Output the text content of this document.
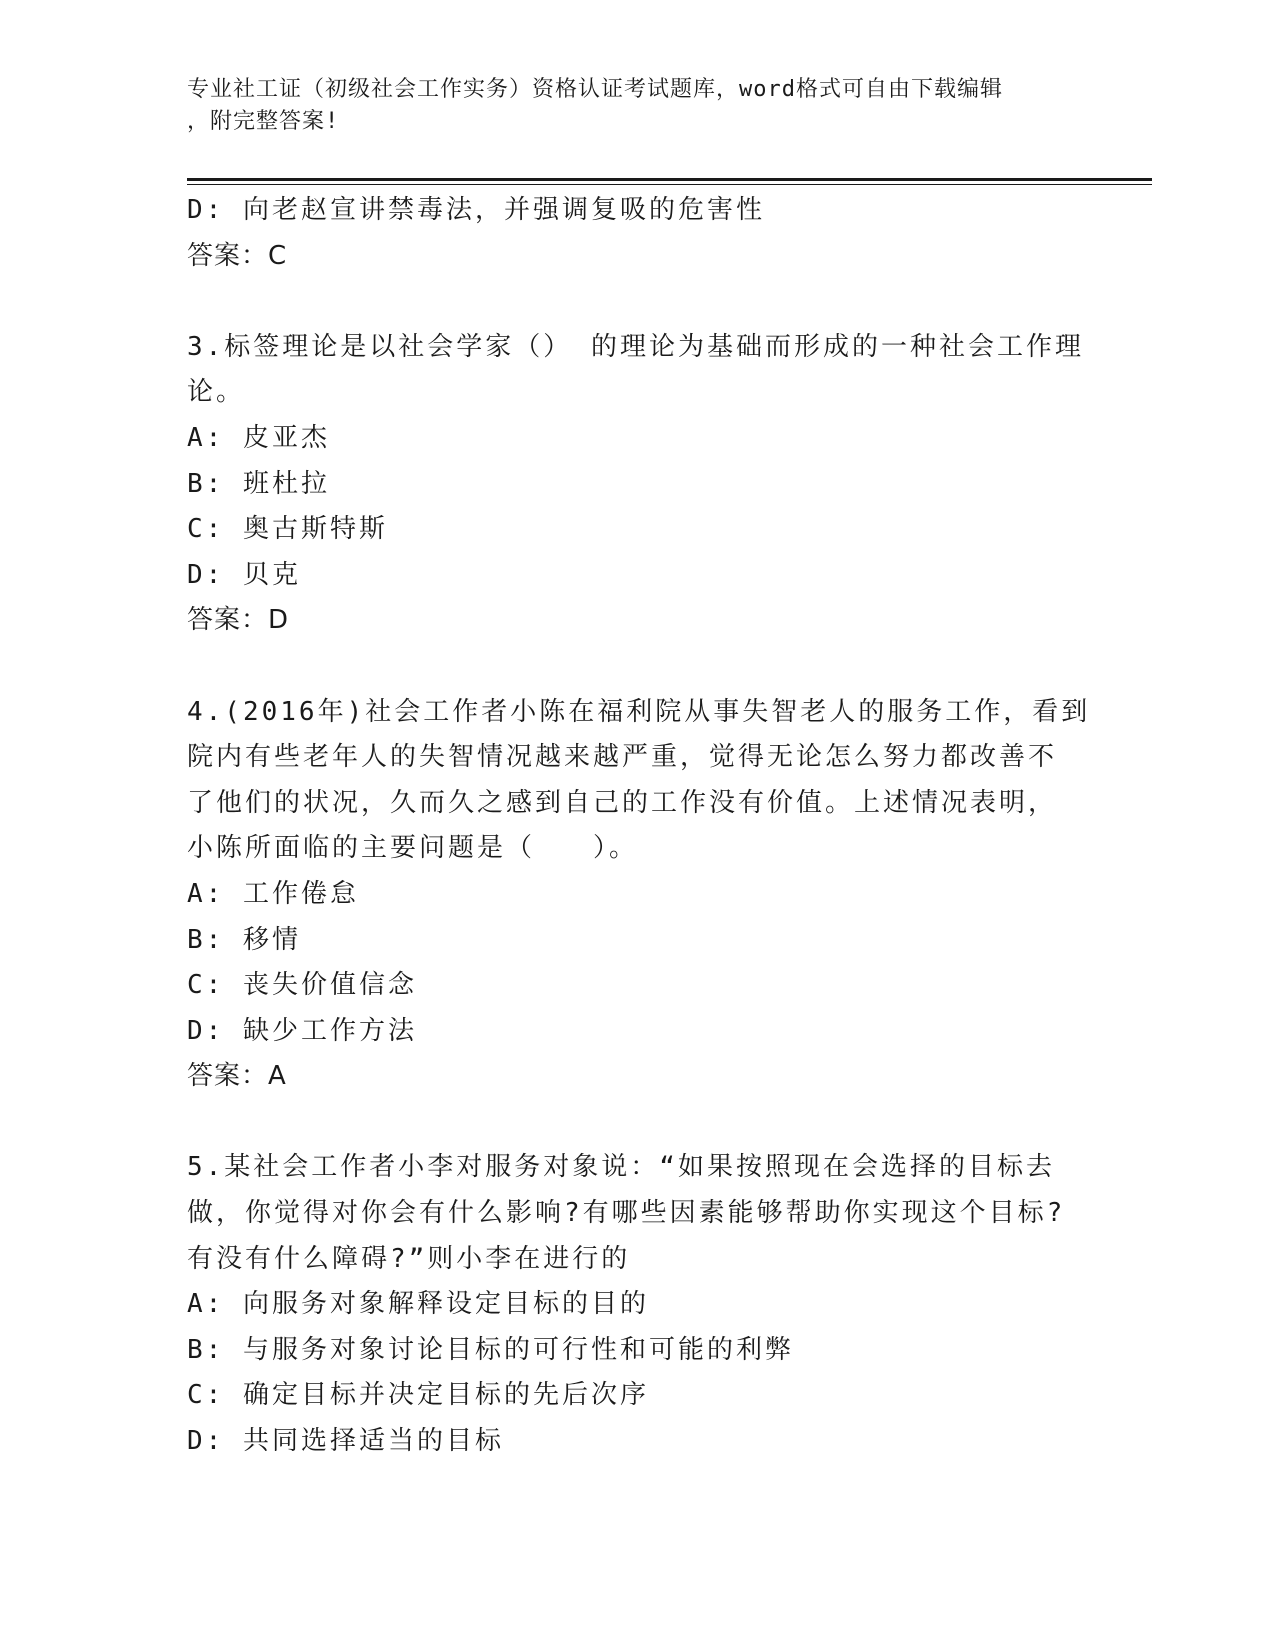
专业社工证（初级社会工作实务）资格认证考试题库，word格式可自由下载编辑
，附完整答案!
D: 向老赵宣讲禁毒法，并强调复吸的危害性
答案：C
3.标签理论是以社会学家（） 的理论为基础而形成的一种社会工作理
论。
A: 皮亚杰
B: 班杜拉
C: 奥古斯特斯
D: 贝克
答案：D
4.(2016年)社会工作者小陈在福利院从事失智老人的服务工作，看到
院内有些老年人的失智情况越来越严重，觉得无论怎么努力都改善不
了他们的状况，久而久之感到自己的工作没有价值。上述情况表明，
小陈所面临的主要问题是（　　）。
A: 工作倦怠
B: 移情
C: 丧失价值信念
D: 缺少工作方法
答案：A
5.某社会工作者小李对服务对象说：“如果按照现在会选择的目标去
做，你觉得对你会有什么影响?有哪些因素能够帮助你实现这个目标?
有没有什么障碍?”则小李在进行的
A: 向服务对象解释设定目标的目的
B: 与服务对象讨论目标的可行性和可能的利弊
C: 确定目标并决定目标的先后次序
D: 共同选择适当的目标
